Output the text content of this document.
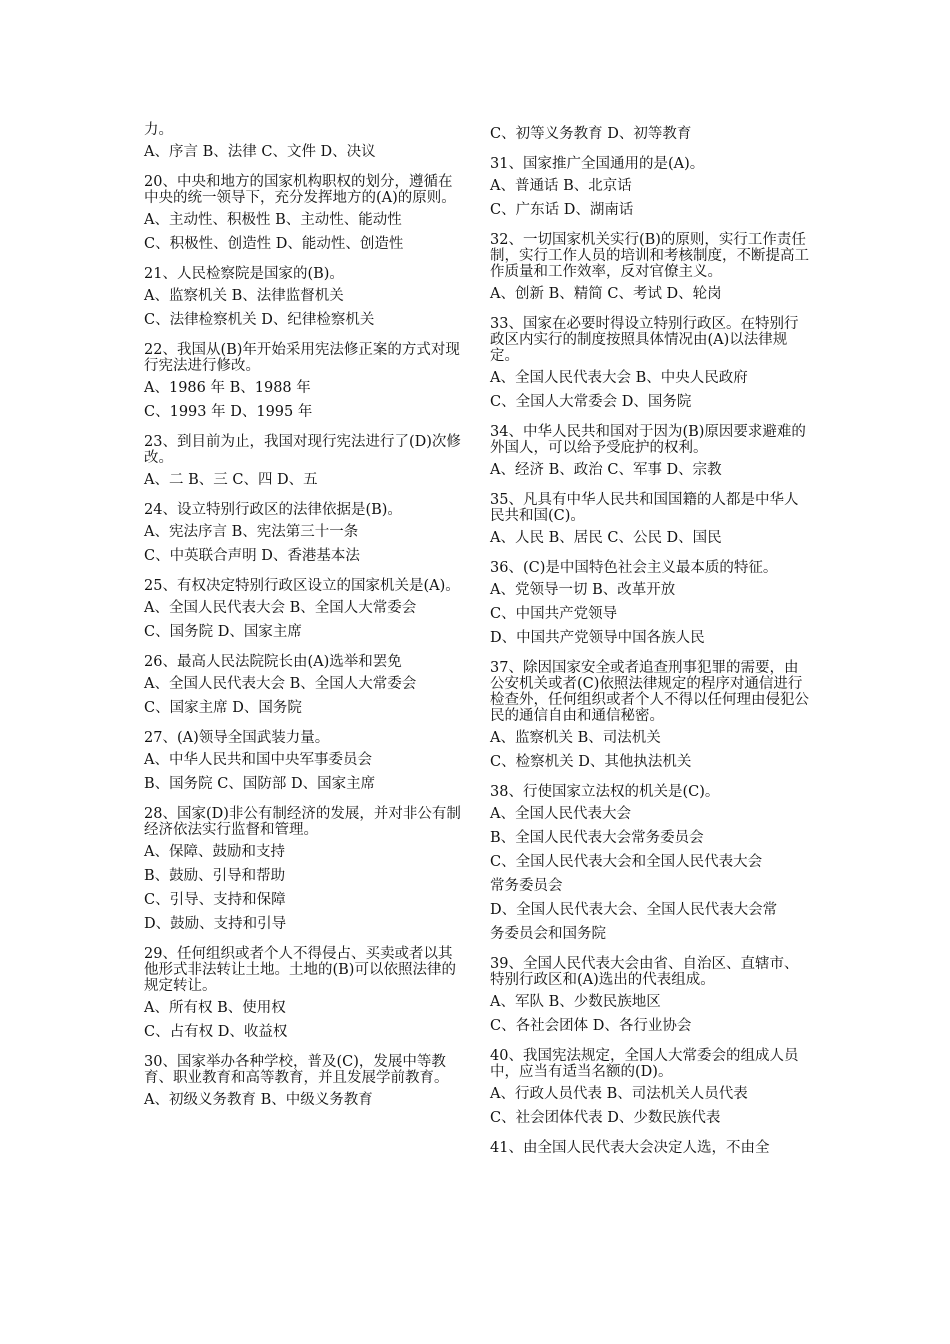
力。
A、序言 B、法律 C、文件 D、决议
20、中央和地方的国家机构职权的划分，遵循在中央的统一领导下，充分发挥地方的(A)的原则。
A、主动性、积极性 B、主动性、能动性
C、积极性、创造性 D、能动性、创造性
21、人民检察院是国家的(B)。
A、监察机关 B、法律监督机关
C、法律检察机关 D、纪律检察机关
22、我国从(B)年开始采用宪法修正案的方式对现行宪法进行修改。
A、1986 年 B、1988 年
C、1993 年 D、1995 年
23、到目前为止，我国对现行宪法进行了(D)次修改。
A、二 B、三 C、四 D、五
24、设立特别行政区的法律依据是(B)。
A、宪法序言 B、宪法第三十一条
C、中英联合声明 D、香港基本法
25、有权决定特别行政区设立的国家机关是(A)。
A、全国人民代表大会 B、全国人大常委会
C、国务院 D、国家主席
26、最高人民法院院长由(A)选举和罢免
A、全国人民代表大会 B、全国人大常委会
C、国家主席 D、国务院
27、(A)领导全国武装力量。
A、中华人民共和国中央军事委员会
B、国务院 C、国防部 D、国家主席
28、国家(D)非公有制经济的发展，并对非公有制经济依法实行监督和管理。
A、保障、鼓励和支持
B、鼓励、引导和帮助
C、引导、支持和保障
D、鼓励、支持和引导
29、任何组织或者个人不得侵占、买卖或者以其他形式非法转让土地。土地的(B)可以依照法律的规定转让。
A、所有权 B、使用权
C、占有权 D、收益权
30、国家举办各种学校，普及(C)，发展中等教育、职业教育和高等教育，并且发展学前教育。
A、初级义务教育 B、中级义务教育
C、初等义务教育 D、初等教育
31、国家推广全国通用的是(A)。
A、普通话 B、北京话
C、广东话 D、湖南话
32、一切国家机关实行(B)的原则，实行工作责任制，实行工作人员的培训和考核制度，不断提高工作质量和工作效率，反对官僚主义。
A、创新 B、精简 C、考试 D、轮岗
33、国家在必要时得设立特别行政区。在特别行政区内实行的制度按照具体情况由(A)以法律规定。
A、全国人民代表大会 B、中央人民政府
C、全国人大常委会 D、国务院
34、中华人民共和国对于因为(B)原因要求避难的外国人，可以给予受庇护的权利。
A、经济 B、政治 C、军事 D、宗教
35、凡具有中华人民共和国国籍的人都是中华人民共和国(C)。
A、人民 B、居民 C、公民 D、国民
36、(C)是中国特色社会主义最本质的特征。
A、党领导一切 B、改革开放
C、中国共产党领导
D、中国共产党领导中国各族人民
37、除因国家安全或者追查刑事犯罪的需要，由公安机关或者(C)依照法律规定的程序对通信进行检查外，任何组织或者个人不得以任何理由侵犯公民的通信自由和通信秘密。
A、监察机关 B、司法机关
C、检察机关 D、其他执法机关
38、行使国家立法权的机关是(C)。
A、全国人民代表大会
B、全国人民代表大会常务委员会
C、全国人民代表大会和全国人民代表大会
常务委员会
D、全国人民代表大会、全国人民代表大会常
务委员会和国务院
39、全国人民代表大会由省、自治区、直辖市、特别行政区和(A)选出的代表组成。
A、军队 B、少数民族地区
C、各社会团体 D、各行业协会
40、我国宪法规定，全国人大常委会的组成人员中，应当有适当名额的(D)。
A、行政人员代表 B、司法机关人员代表
C、社会团体代表 D、少数民族代表
41、由全国人民代表大会决定人选，不由全
